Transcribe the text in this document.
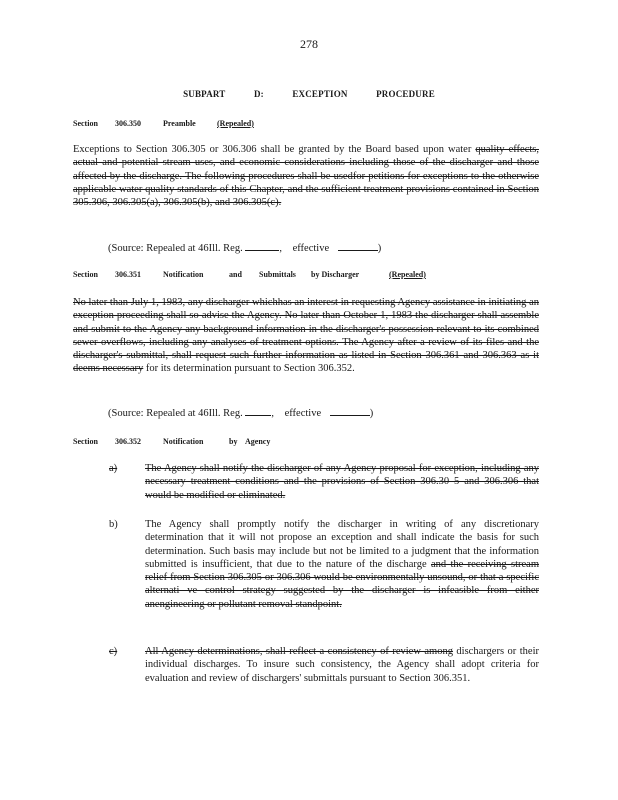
278
SUBPART	D:	EXCEPTION	PROCEDURE
Section 306.350	Preamble	(Repealed)

Exceptions to Section 306.305 or 306.306 shall be granted by the Board based upon water quality effects, actual and potential stream uses, and economic considerations including those of the discharger and those affected by the discharge. The following procedures shall be usedfor petitions for exceptions to the otherwise applicable water quality standards of this Chapter, and the sufficient treatment provisions contained in Section 305.306, 306.305(a), 306.305(b), and 306.305(c).

(Source: Repealed at 46Ill. Reg.	, effective	)
Section 306.351	Notification	and Submittals by Discharger	(Repealed)

No later than July 1, 1983, any discharger whichhas an interest in requesting Agency assistance in initiating an exception proceeding shall so advise the Agency. No later than October 1, 1983 the discharger shall assemble and submit to the Agency any background information in the discharger's possession relevant to its combined sewer overflows, including any analyses of treatment options. The Agency after a review of its files and the discharger's submittal, shall request such further information as listed in Section 306.361 and 306.363 as it deems necessary for its determination pursuant to Section 306.352.

(Source: Repealed at 46Ill. Reg.	, effective	)
Section 306.352	Notification	by Agency
a)	The Agency shall notify the discharger of any Agency proposal for exception, including any necessary treatment conditions and the provisions of Section 306.30 5 and 306.306 that would be modified or eliminated.
b)	The Agency shall promptly notify the discharger in writing of any discretionary determination that it will not propose an exception and shall indicate the basis for such determination. Such basis may include but not be limited to a judgment that the information submitted is insufficient, that due to the nature of the discharge and the receiving stream relief from Section 306.305 or 306.306 would be environmentally unsound, or that a specific alternati ve control strategy suggested by the discharger is infeasible from either anengineering or pollutant removal standpoint.
c)	All Agency determinations, shall reflect a consistency of review among dischargers or their individual discharges. To insure such consistency, the Agency shall adopt criteria for evaluation and review of dischargers' submittals pursuant to Section 306.351.
